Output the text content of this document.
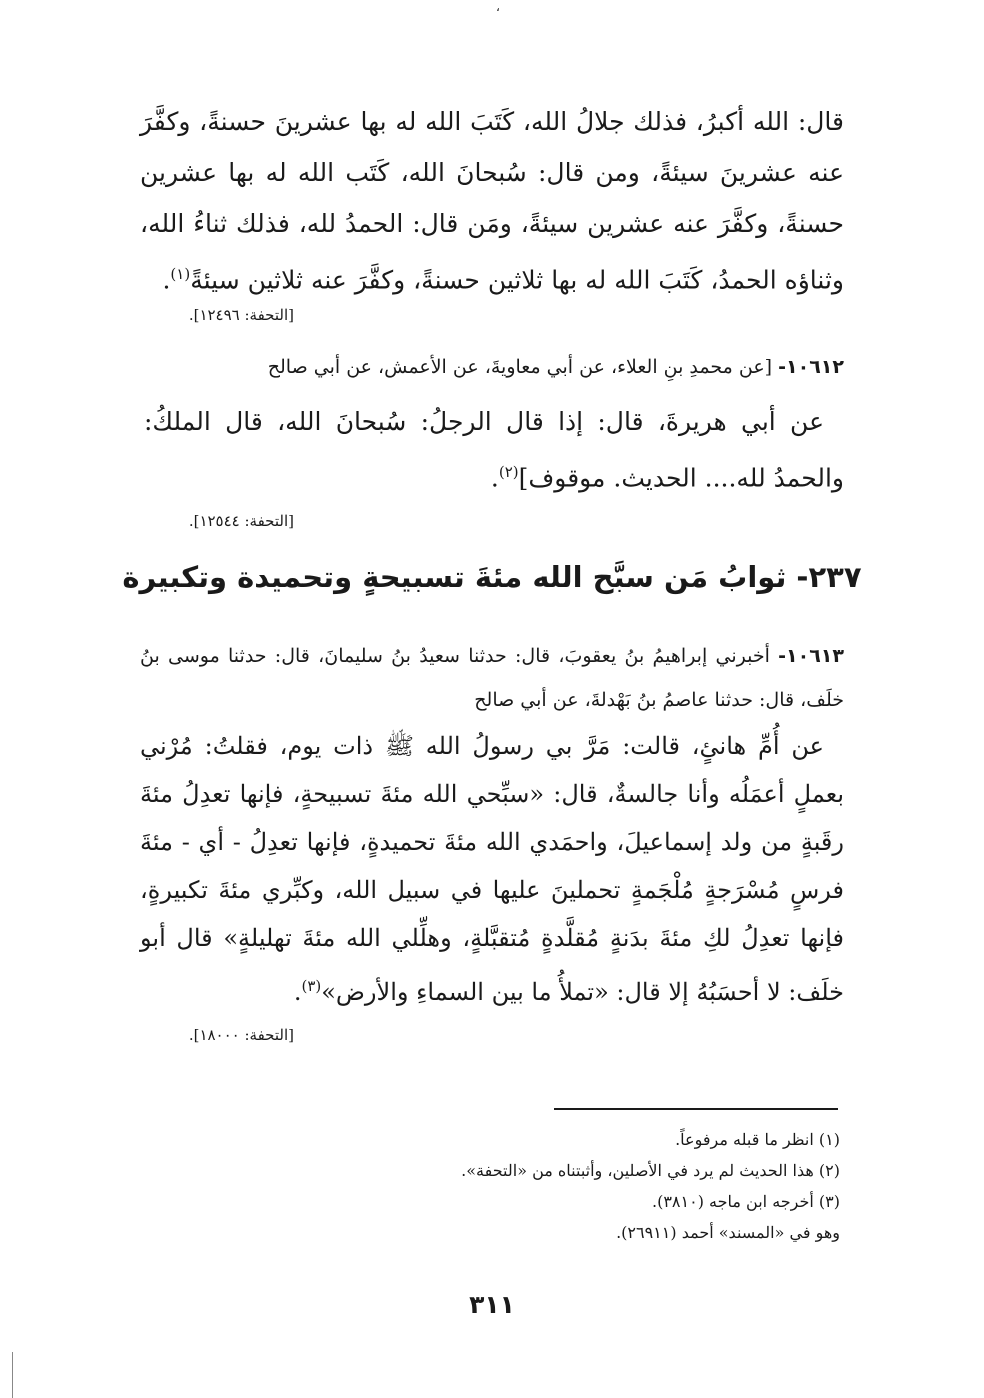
،
قال: الله أكبرُ، فذلك جلالُ الله، كَتَبَ الله له بها عشرينَ حسنةً، وكفَّرَ عنه عشرينَ سيئةً، ومن قال: سُبحانَ الله، كَتَب الله له بها عشرين حسنةً، وكفَّرَ عنه عشرين سيئةً، ومَن قال: الحمدُ لله، فذلك ثناءُ الله، وثناؤه الحمدُ، كَتَبَ الله له بها ثلاثين حسنةً، وكفَّرَ عنه ثلاثين سيئةً$^{(١)}$.
[التحفة: ١٢٤٩٦].
١٠٦١٢- [عن محمدِ بنِ العلاء، عن أبي معاويةَ، عن الأعمش، عن أبي صالح
عن أبي هريرةَ، قال: إذا قال الرجلُ: سُبحانَ الله، قال الملكُ: والحمدُ لله.... الحديث. موقوف]$^{(٢)}$.
[التحفة: ١٢٥٤٤].
٢٣٧- ثوابُ مَن سبَّح الله مئةَ تسبيحةٍ وتحميدة وتكبيرة
١٠٦١٣- أخبرني إبراهيمُ بنُ يعقوبَ، قال: حدثنا سعيدُ بنُ سليمانَ، قال: حدثنا موسى بنُ خلَف، قال: حدثنا عاصمُ بنُ بَهْدلةَ، عن أبي صالح
عن أُمِّ هانئٍ، قالت: مَرَّ بي رسولُ الله ﷺ ذات يوم، فقلتُ: مُرْني بعملٍ أعمَلُه وأنا جالسةٌ، قال: «سبِّحي الله مئةَ تسبيحةٍ، فإنها تعدِلُ مئةَ رقَبةٍ من ولد إسماعيلَ، واحمَدي الله مئةَ تحميدةٍ، فإنها تعدِلُ - أي - مئةَ فرسٍ مُسْرَجةٍ مُلْجَمةٍ تحملينَ عليها في سبيل الله، وكبِّري مئةَ تكبيرةٍ، فإنها تعدِلُ لكِ مئةَ بدَنةٍ مُقلَّدةٍ مُتقبَّلةٍ، وهلِّلي الله مئةَ تهليلةٍ» قال أبو خلَف: لا أحسَبُهُ إلا قال: «تملأُ ما بين السماءِ والأرض»$^{(٣)}$.
[التحفة: ١٨٠٠٠].
(١) انظر ما قبله مرفوعاً.
(٢) هذا الحديث لم يرد في الأصلين، وأثبتناه من «التحفة».
(٣) أخرجه ابن ماجه (٣٨١٠).
وهو في «المسند» أحمد (٢٦٩١١).
٣١١
